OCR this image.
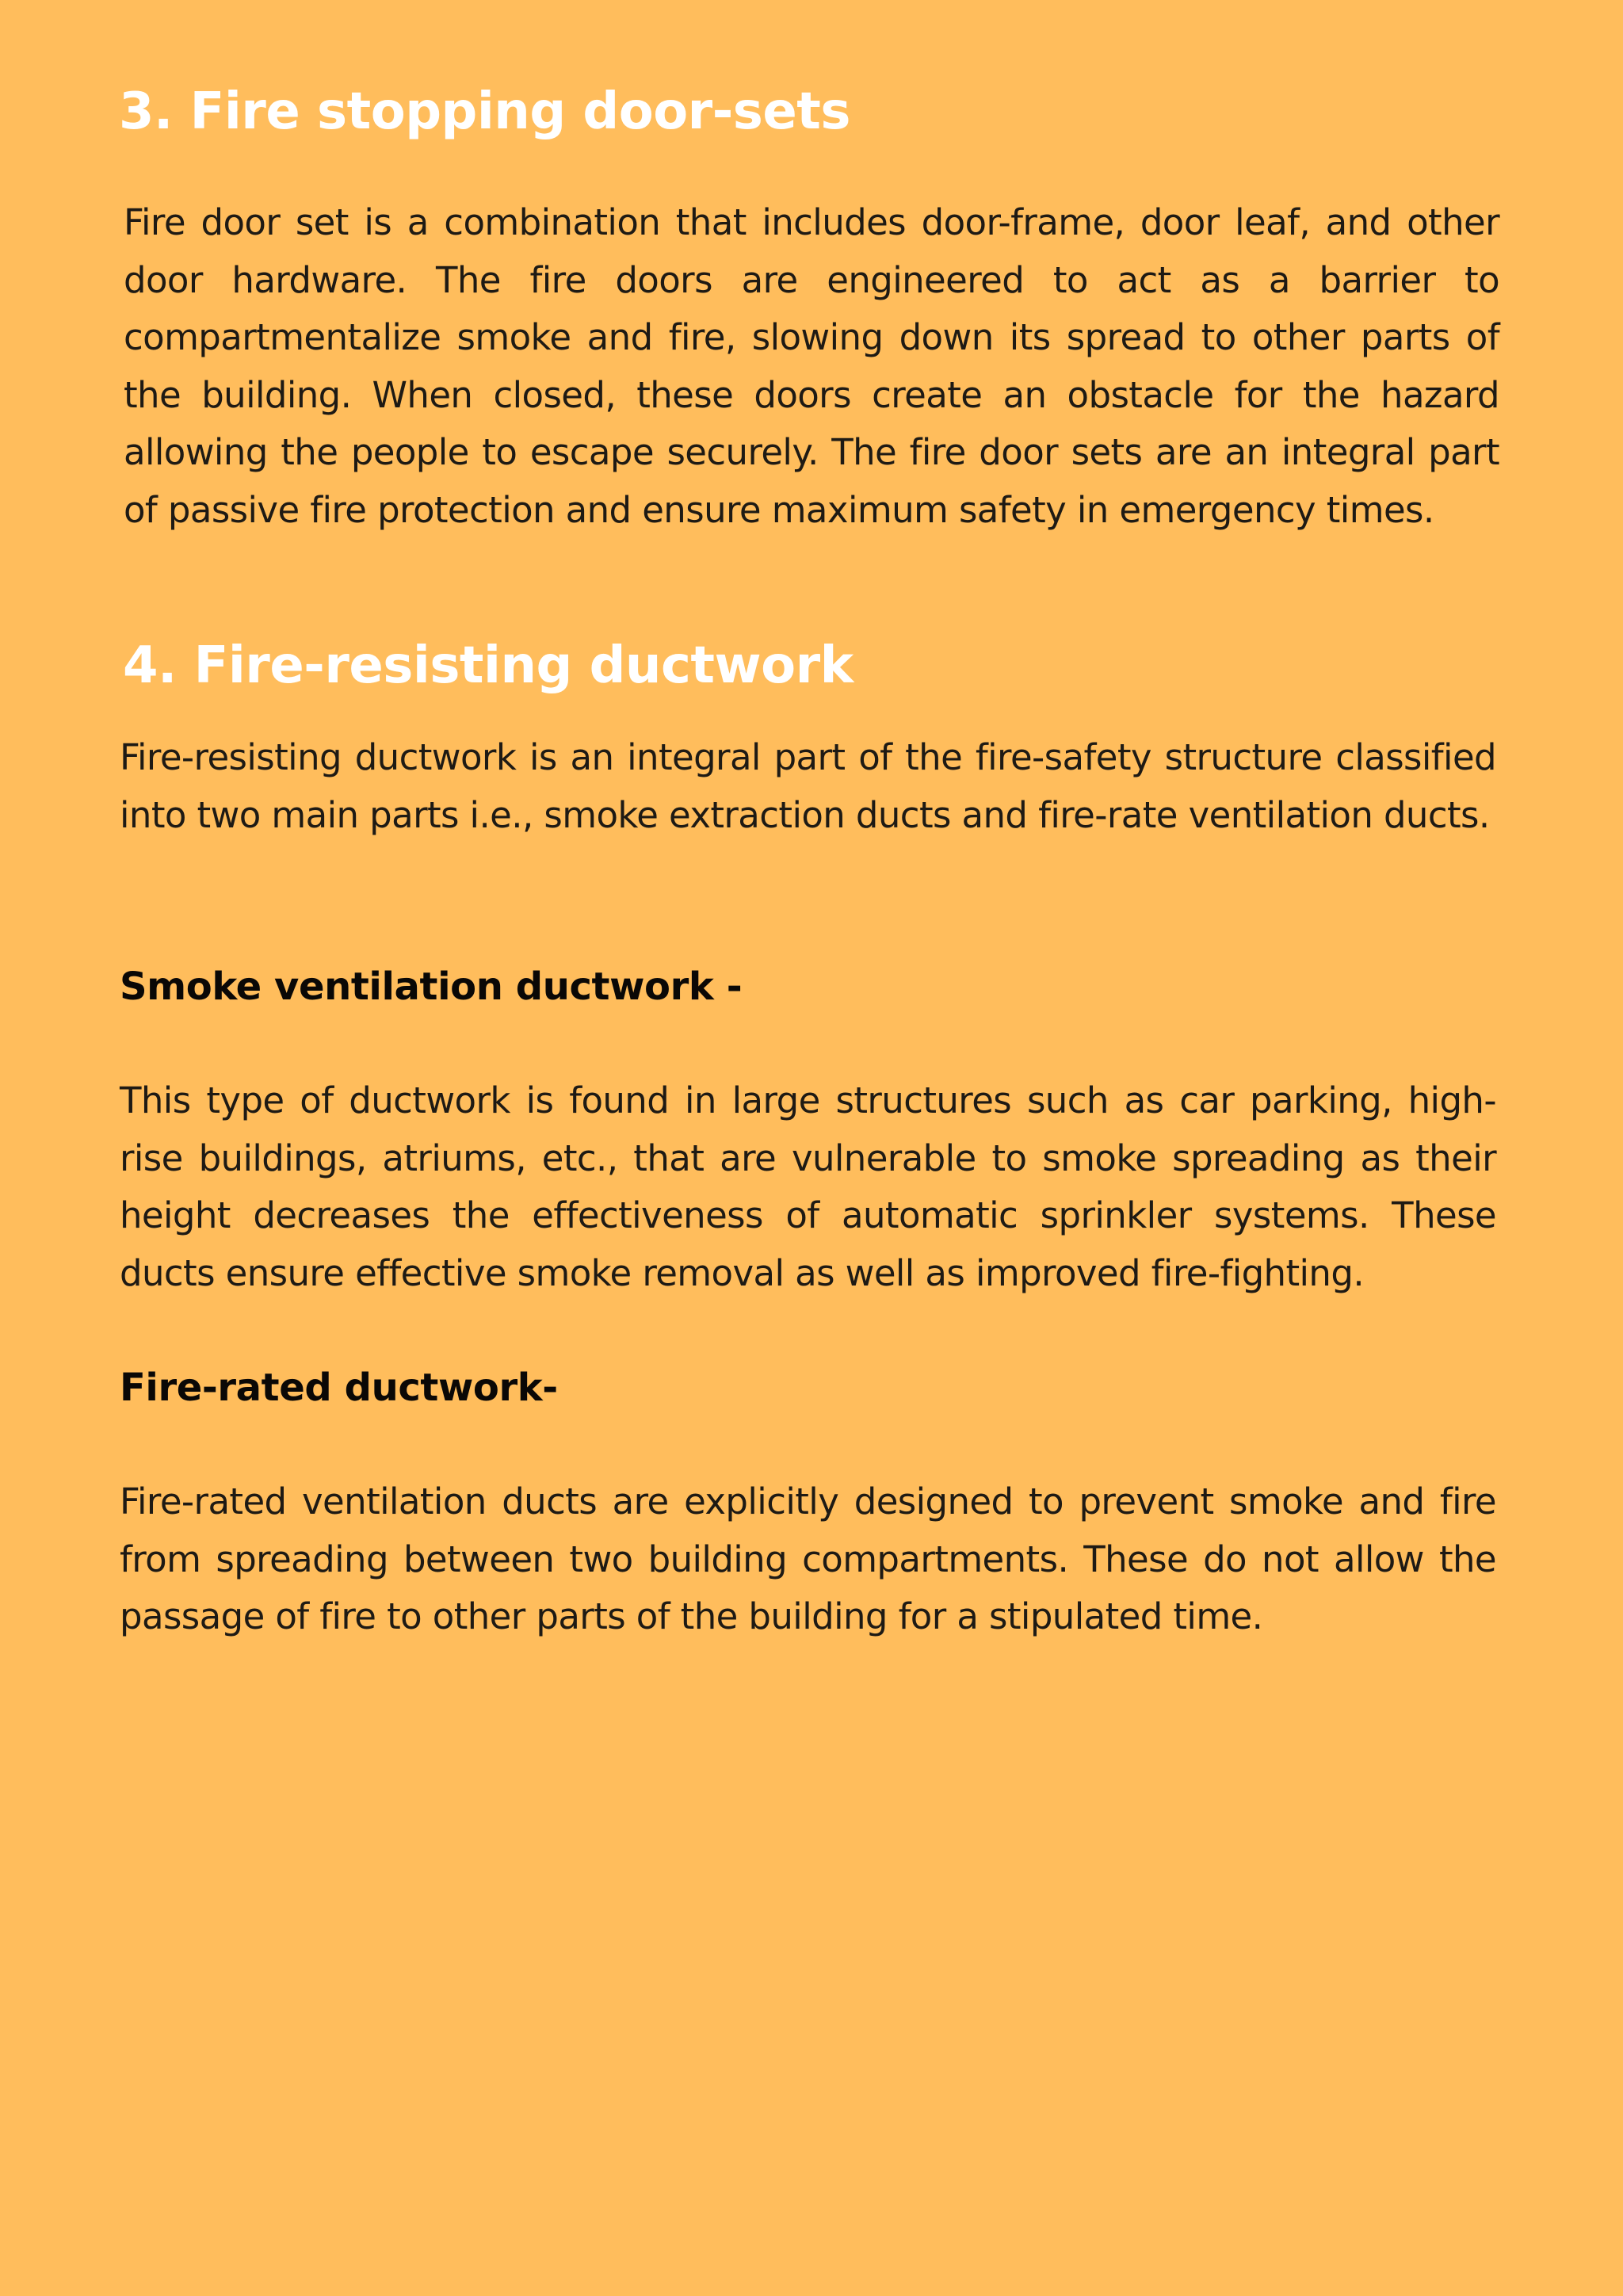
3. Fire stopping door-sets

Fire door set is a combination that includes door-frame, door leaf, and other door hardware. The fire doors are engineered to act as a barrier to compartmentalize smoke and fire, slowing down its spread to other parts of the building. When closed, these doors create an obstacle for the hazard allowing the people to escape securely. The fire door sets are an integral part of passive fire protection and ensure maximum safety in emergency times.

4. Fire-resisting ductwork

Fire-resisting ductwork is an integral part of the fire-safety structure classified into two main parts i.e., smoke extraction ducts and fire-rate ventilation ducts.

Smoke ventilation ductwork -

This type of ductwork is found in large structures such as car parking, high-rise buildings, atriums, etc., that are vulnerable to smoke spreading as their height decreases the effectiveness of automatic sprinkler systems. These ducts ensure effective smoke removal as well as improved fire-fighting.

Fire-rated ductwork-

Fire-rated ventilation ducts are explicitly designed to prevent smoke and fire from spreading between two building compartments. These do not allow the passage of fire to other parts of the building for a stipulated time.
